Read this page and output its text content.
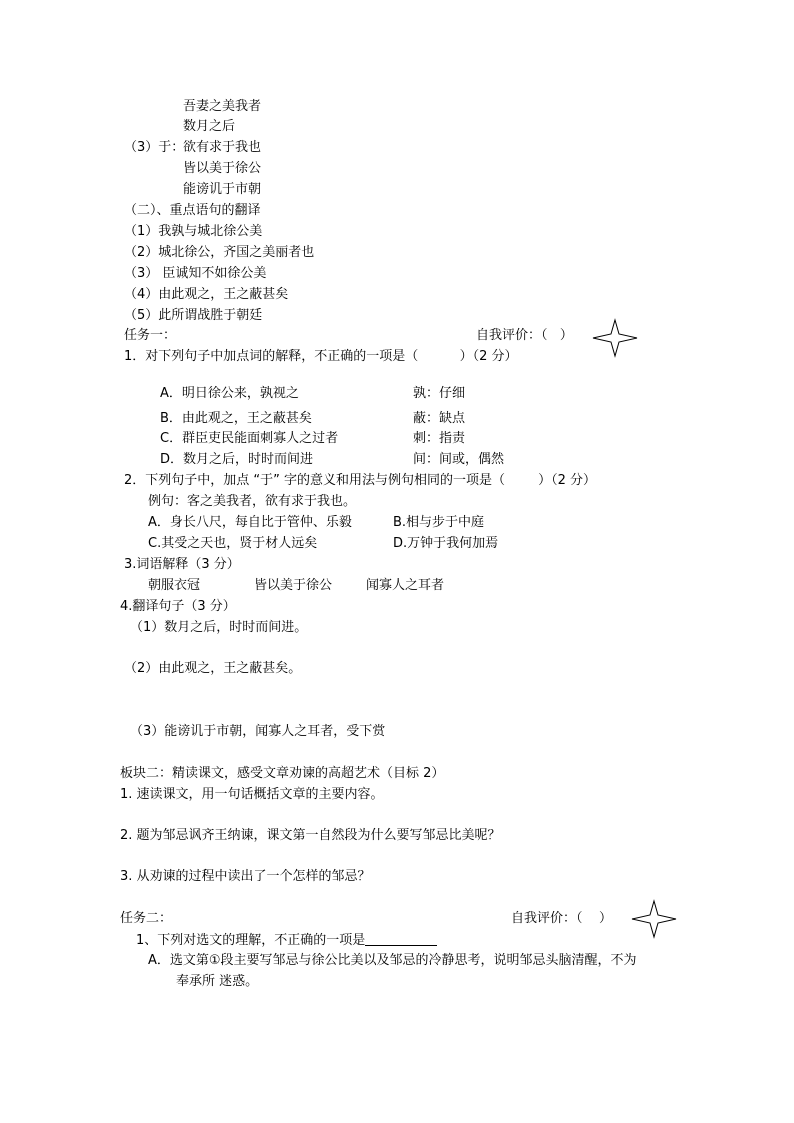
吾妻之美我者
数月之后
（3）于：
欲有求于我也
皆以美于徐公
能谤讥于市朝
（二）、重点语句的翻译
（1）我孰与城北徐公美
（2）城北徐公，齐国之美丽者也
（3） 臣诚知不如徐公美
（4）由此观之，王之蔽甚矣
（5）此所谓战胜于朝廷
任务一：	自我评价：（   ）
1．对下列句子中加点词的解释，不正确的一项是（          ）（2 分）
A．明日徐公来，孰视之	孰：仔细
B．由此观之，王之蔽甚矣	蔽：缺点
C．群臣吏民能面刺寡人之过者	刺：指责
D．数月之后，时时而间进	间：间或，偶然
2．下列句子中，加点 “于” 字的意义和用法与例句相同的一项是（        ）（2 分）
例句：客之美我者，欲有求于我也。
A．身长八尺，每自比于管仲、乐毅	B.相与步于中庭
C.其受之天也，贤于材人远矣	D.万钟于我何加焉
3.词语解释（3 分）
朝服衣冠	皆以美于徐公	闻寡人之耳者
4.翻译句子（3 分）
（1）数月之后，时时而间进。
（2）由此观之，王之蔽甚矣。
（3）能谤讥于市朝，闻寡人之耳者，受下赏
板块二：精读课文，感受文章劝谏的高超艺术（目标 2）
1. 速读课文，用一句话概括文章的主要内容。
2. 题为邹忌讽齐王纳谏，课文第一自然段为什么要写邹忌比美呢？
3. 从劝谏的过程中读出了一个怎样的邹忌？
任务二：	自我评价：（    ）
1、下列对选文的理解，不正确的一项是
A．选文第①段主要写邹忌与徐公比美以及邹忌的冷静思考，说明邹忌头脑清醒，不为
奉承所 迷惑。
